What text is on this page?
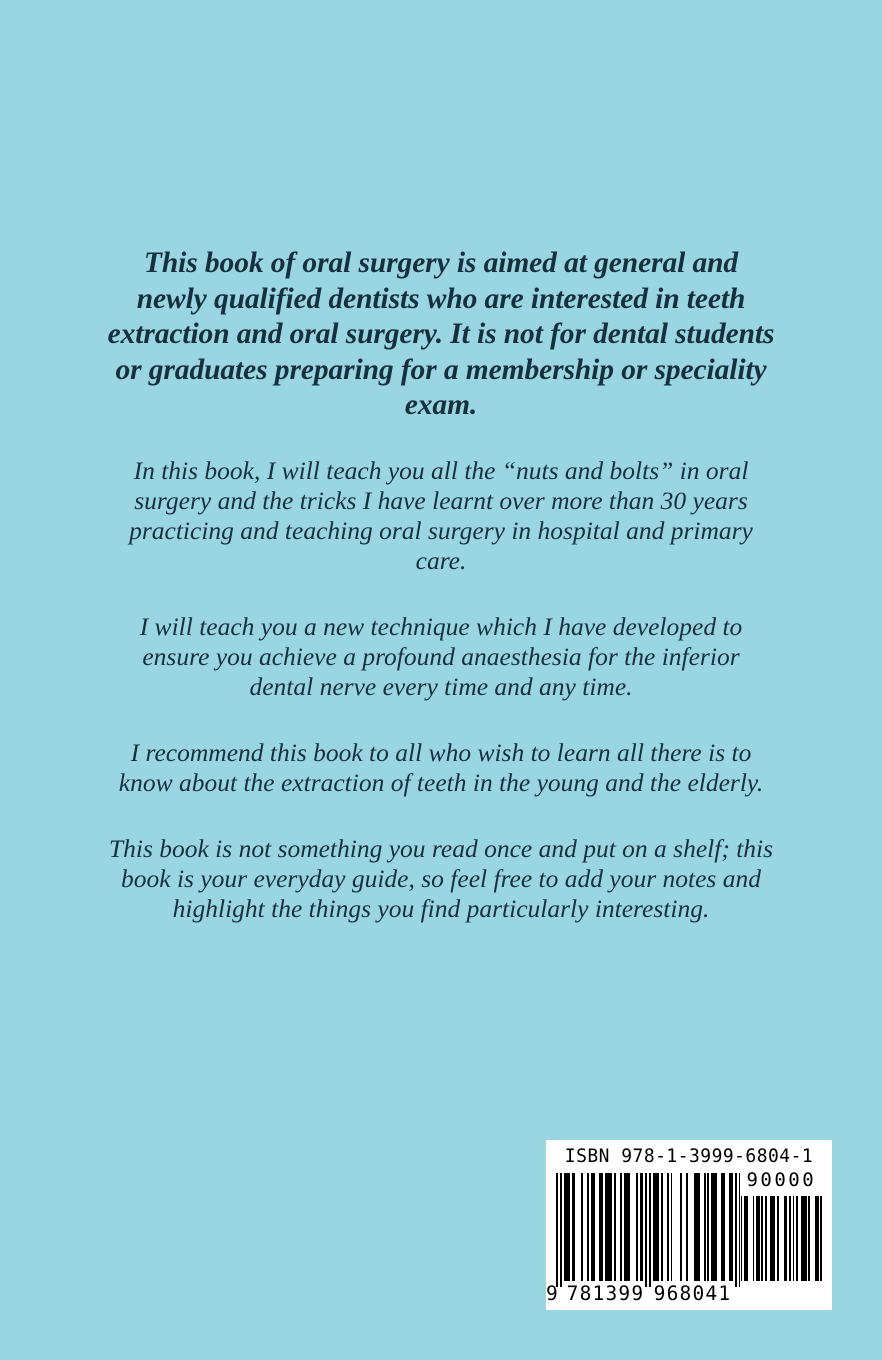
This book of oral surgery is aimed at general and newly qualified dentists who are interested in teeth extraction and oral surgery. It is not for dental students or graduates preparing for a membership or speciality exam.

In this book, I will teach you all the “nuts and bolts” in oral surgery and the tricks I have learnt over more than 30 years practicing and teaching oral surgery in hospital and primary care.

I will teach you a new technique which I have developed to ensure you achieve a profound anaesthesia for the inferior dental nerve every time and any time.

I recommend this book to all who wish to learn all there is to know about the extraction of teeth in the young and the elderly.

This book is not something you read once and put on a shelf; this book is your everyday guide, so feel free to add your notes and highlight the things you find particularly interesting.

ISBN 978-1-3999-6804-1
9 781399 968041
90000
